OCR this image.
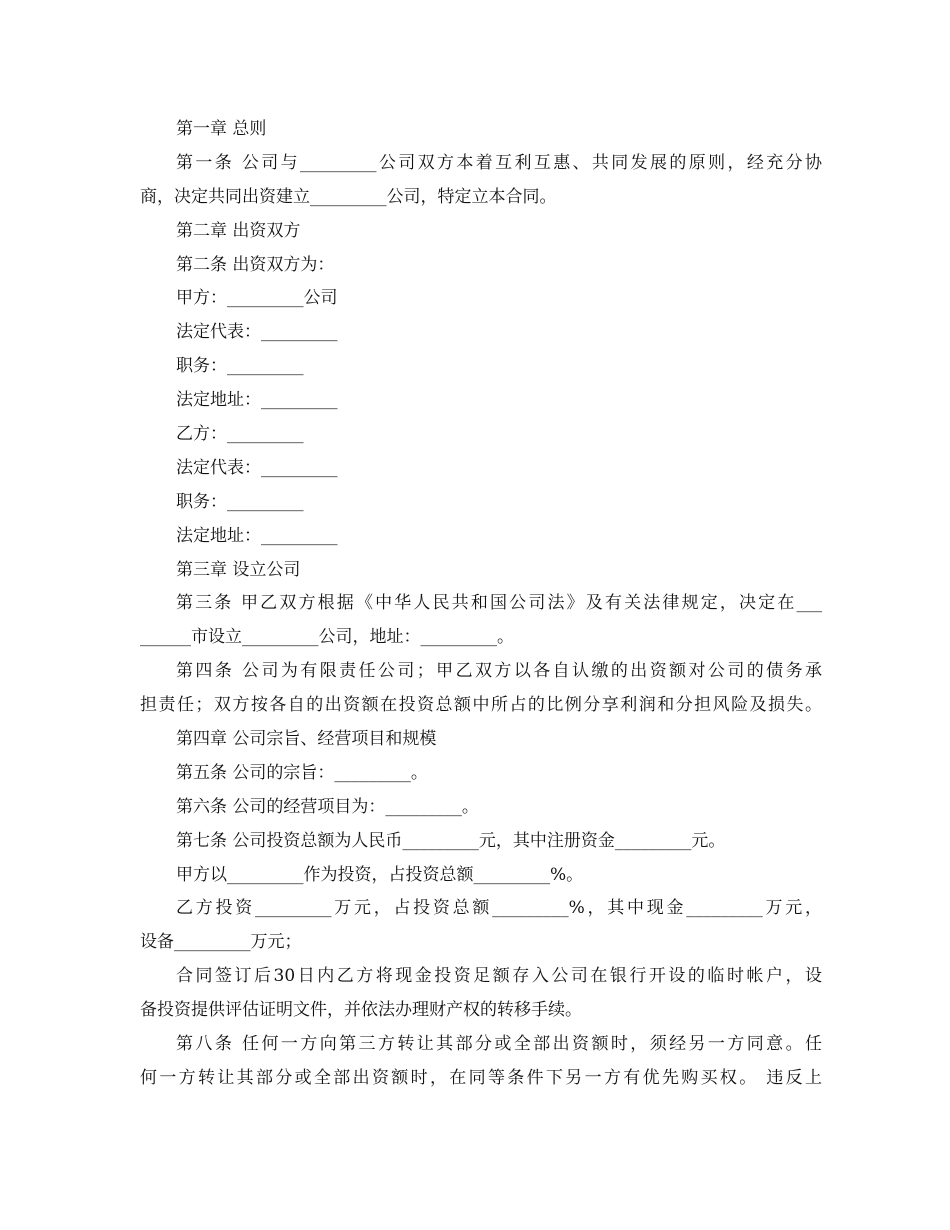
第一章 总则
第一条 公司与_________公司双方本着互利互惠、共同发展的原则，经充分协
商，决定共同出资建立_________公司，特定立本合同。
第二章 出资双方
第二条 出资双方为：
甲方：_________公司
法定代表：_________
职务：_________
法定地址：_________
乙方：_________
法定代表：_________
职务：_________
法定地址：_________
第三章 设立公司
第三条 甲乙双方根据《中华人民共和国公司法》及有关法律规定，决定在___
______市设立_________公司，地址：_________。
第四条 公司为有限责任公司；甲乙双方以各自认缴的出资额对公司的债务承
担责任；双方按各自的出资额在投资总额中所占的比例分享利润和分担风险及损失。
第四章 公司宗旨、经营项目和规模
第五条 公司的宗旨：_________。
第六条 公司的经营项目为：_________。
第七条 公司投资总额为人民币_________元，其中注册资金_________元。
甲方以_________作为投资，占投资总额_________%。
乙方投资_________万元，占投资总额_________%，其中现金_________万元，
设备_________万元；
合同签订后30日内乙方将现金投资足额存入公司在银行开设的临时帐户，设
备投资提供评估证明文件，并依法办理财产权的转移手续。
第八条 任何一方向第三方转让其部分或全部出资额时，须经另一方同意。任
何一方转让其部分或全部出资额时，在同等条件下另一方有优先购买权。 违反上
